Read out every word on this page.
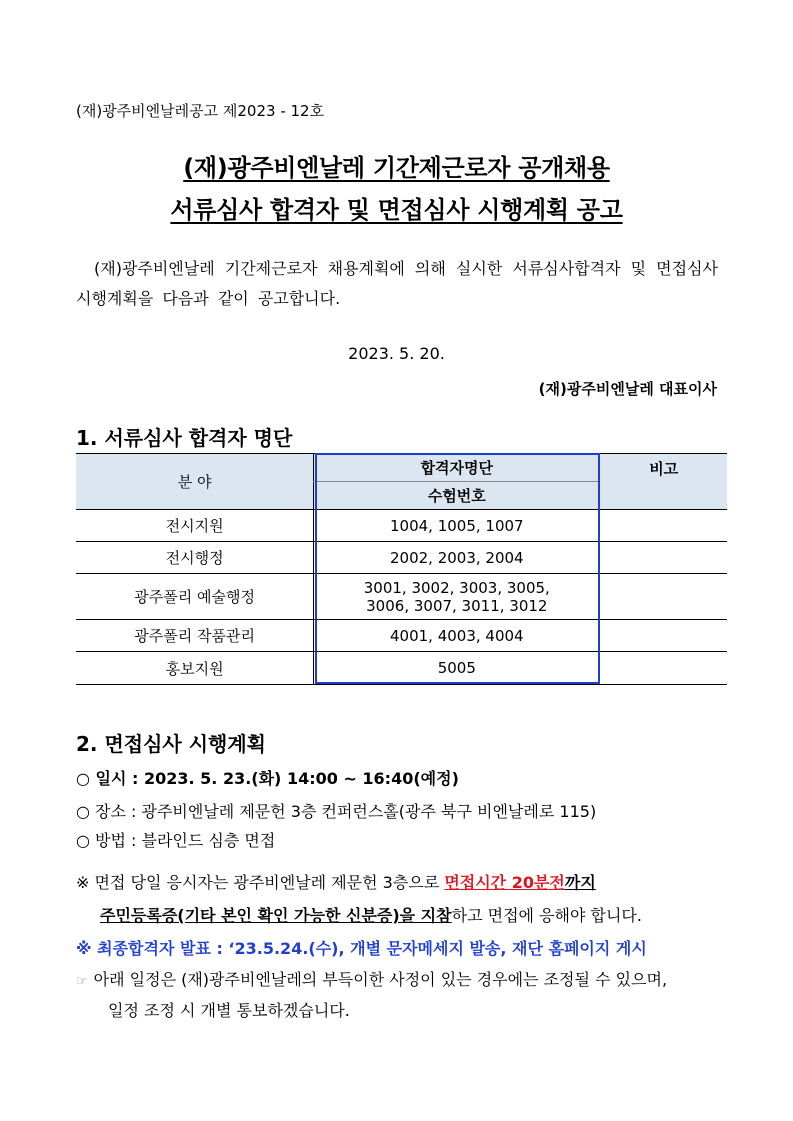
(재)광주비엔날레공고 제2023 - 12호
(재)광주비엔날레 기간제근로자 공개채용
서류심사 합격자 및 면접심사 시행계획 공고
(재)광주비엔날레 기간제근로자 채용계획에 의해 실시한 서류심사합격자 및 면접심사 시행계획을 다음과 같이 공고합니다.
2023. 5. 20.
(재)광주비엔날레 대표이사
1. 서류심사 합격자 명단
분 야	합격자명단	비고
	수험번호	
전시지원	1004, 1005, 1007	
전시행정	2002, 2003, 2004	
광주폴리 예술행정	3001, 3002, 3003, 3005,
3006, 3007, 3011, 3012	

광주폴리 작품관리	4001, 4003, 4004	
홍보지원	5005	
2. 면접심사 시행계획
○ 일시 : 2023. 5. 23.(화) 14:00 ~ 16:40(예정)
○ 장소 : 광주비엔날레 제문헌 3층 컨퍼런스홀(광주 북구 비엔날레로 115)
○ 방법 : 블라인드 심층 면접
※ 면접 당일 응시자는 광주비엔날레 제문헌 3층으로 면접시간 20분전까지
주민등록증(기타 본인 확인 가능한 신분증)을 지참하고 면접에 응해야 합니다.
※ 최종합격자 발표 : ‘23.5.24.(수), 개별 문자메세지 발송, 재단 홈페이지 게시
☞ 아래 일정은 (재)광주비엔날레의 부득이한 사정이 있는 경우에는 조정될 수 있으며,
일정 조정 시 개별 통보하겠습니다.
